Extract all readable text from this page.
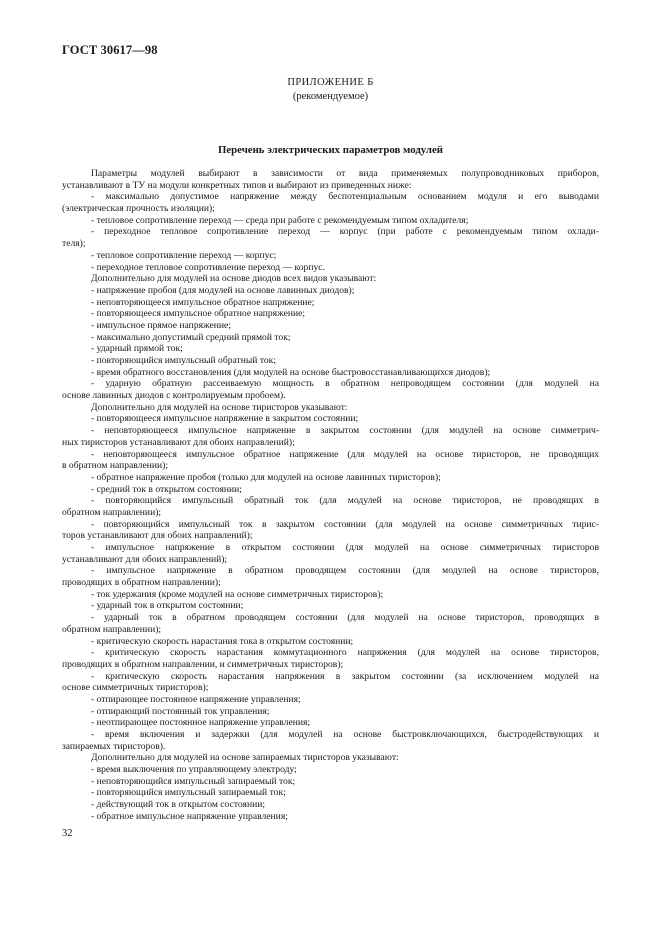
ГОСТ 30617—98
ПРИЛОЖЕНИЕ Б
(рекомендуемое)
Перечень электрических параметров модулей
Параметры модулей выбирают в зависимости от вида применяемых полупроводниковых приборов,
устанавливают в ТУ на модули конкретных типов и выбирают из приведенных ниже:
- максимально допустимое напряжение между беспотенциальным основанием модуля и его выводами
(электрическая прочность изоляции);
- тепловое сопротивление переход — среда при работе с рекомендуемым типом охладителя;
- переходное тепловое сопротивление переход — корпус (при работе с рекомендуемым типом охлади-
теля);
- тепловое сопротивление переход — корпус;
- переходное тепловое сопротивление переход — корпус.
Дополнительно для модулей на основе диодов всех видов указывают:
- напряжение пробоя (для модулей на основе лавинных диодов);
- неповторяющееся импульсное обратное напряжение;
- повторяющееся импульсное обратное напряжение;
- импульсное прямое напряжение;
- максимально допустимый средний прямой ток;
- ударный прямой ток;
- повторяющийся импульсный обратный ток;
- время обратного восстановления (для модулей на основе быстровосстанавливающихся диодов);
- ударную обратную рассеиваемую мощность в обратном непроводящем состоянии (для модулей на
основе лавинных диодов с контролируемым пробоем).
Дополнительно для модулей на основе тиристоров указывают:
- повторяющееся импульсное напряжение в закрытом состоянии;
- неповторяющееся импульсное напряжение в закрытом состоянии (для модулей на основе симметрич-
ных тиристоров устанавливают для обоих направлений);
- неповторяющееся импульсное обратное напряжение (для модулей на основе тиристоров, не проводящих
в обратном направлении);
- обратное напряжение пробоя (только для модулей на основе лавинных тиристоров);
- средний ток в открытом состоянии;
- повторяющийся импульсный обратный ток (для модулей на основе тиристоров, не проводящих в
обратном направлении);
- повторяющийся импульсный ток в закрытом состоянии (для модулей на основе симметричных тирис-
торов устанавливают для обоих направлений);
- импульсное напряжение в открытом состоянии (для модулей на основе симметричных тиристоров
устанавливают для обоих направлений);
- импульсное напряжение в обратном проводящем состоянии (для модулей на основе тиристоров,
проводящих в обратном направлении);
- ток удержания (кроме модулей на основе симметричных тиристоров);
- ударный ток в открытом состоянии;
- ударный ток в обратном проводящем состоянии (для модулей на основе тиристоров, проводящих в
обратном направлении);
- критическую скорость нарастания тока в открытом состоянии;
- критическую скорость нарастания коммутационного напряжения (для модулей на основе тиристоров,
проводящих в обратном направлении, и симметричных тиристоров);
- критическую скорость нарастания напряжения в закрытом состоянии (за исключением модулей на
основе симметричных тиристоров);
- отпирающее постоянное напряжение управления;
- отпирающий постоянный ток управления;
- неотпирающее постоянное напряжение управления;
- время включения и задержки (для модулей на основе быстровключающихся, быстродействующих и
запираемых тиристоров).
Дополнительно для модулей на основе запираемых тиристоров указывают:
- время выключения по управляющему электроду;
- неповторяющийся импульсный запираемый ток;
- повторяющийся импульсный запираемый ток;
- действующий ток в открытом состоянии;
- обратное импульсное напряжение управления;
32
